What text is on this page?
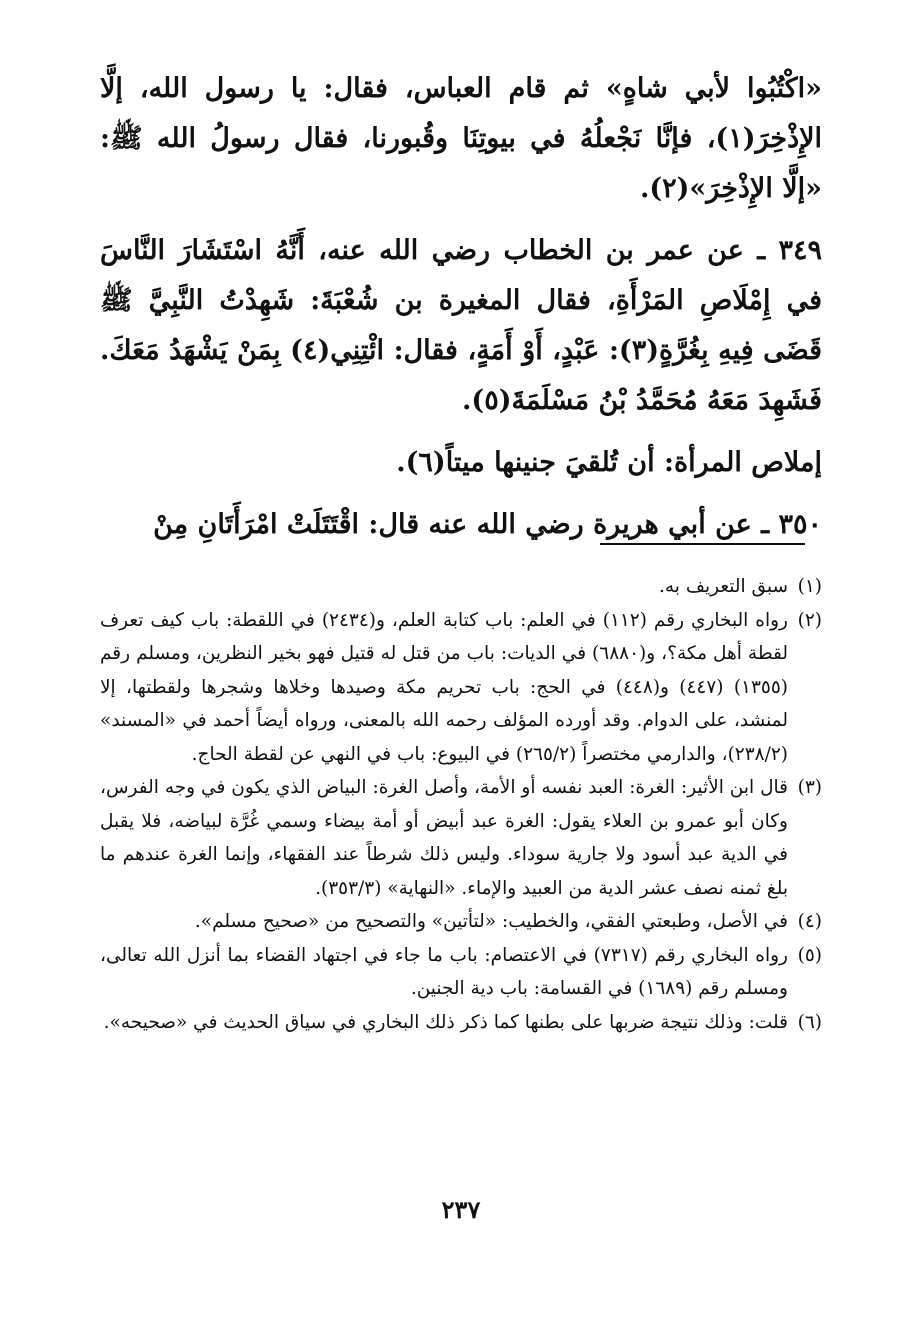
«اكْتُبُوا لأبي شاهٍ» ثم قام العباس، فقال: يا رسول الله، إلَّا الإِذْخِرَ(١)، فإنَّا نَجْعلُهُ في بيوتِنَا وقُبورنا، فقال رسولُ الله ﷺ: «إلَّا الإِذْخِرَ»(٢).

٣٤٩ ـ عن عمر بن الخطاب رضي الله عنه، أَنَّهُ اسْتَشَارَ النَّاسَ في إِمْلَاصِ المَرْأَةِ، فقال المغيرة بن شُعْبَةَ: شَهِدْتُ النَّبِيَّ ﷺ قَضَى فِيهِ بِغُرَّةٍ(٣): عَبْدٍ، أَوْ أَمَةٍ، فقال: ائْتِنِي(٤) بِمَنْ يَشْهَدُ مَعَكَ. فَشَهِدَ مَعَهُ مُحَمَّدُ بْنُ مَسْلَمَةَ(٥).

إملاص المرأة: أن تُلقيَ جنينها ميتاً(٦).

٣٥٠ ـ عن أبي هريرة رضي الله عنه قال: اقْتَتَلَتْ امْرَأَتَانِ مِنْ

(١)
سبق التعريف به.
(٢)
رواه البخاري رقم (١١٢) في العلم: باب كتابة العلم، و(٢٤٣٤) في اللقطة: باب كيف تعرف لقطة أهل مكة؟، و(٦٨٨٠) في الديات: باب من قتل له قتيل فهو بخير النظرين، ومسلم رقم (١٣٥٥) (٤٤٧) و(٤٤٨) في الحج: باب تحريم مكة وصيدها وخلاها وشجرها ولقطتها، إلا لمنشد، على الدوام. وقد أورده المؤلف رحمه الله بالمعنى، ورواه أيضاً أحمد في «المسند» (٢٣٨/٢)، والدارمي مختصراً (٢٦٥/٢) في البيوع: باب في النهي عن لقطة الحاج.
(٣)
قال ابن الأثير: الغرة: العبد نفسه أو الأمة، وأصل الغرة: البياض الذي يكون في وجه الفرس، وكان أبو عمرو بن العلاء يقول: الغرة عبد أبيض أو أمة بيضاء وسمي غُرَّة لبياضه، فلا يقبل في الدية عبد أسود ولا جارية سوداء. وليس ذلك شرطاً عند الفقهاء، وإنما الغرة عندهم ما بلغ ثمنه نصف عشر الدية من العبيد والإماء. «النهاية» (٣٥٣/٣).
(٤)
في الأصل، وطبعتي الفقي، والخطيب: «لتأتين» والتصحيح من «صحيح مسلم».
(٥)
رواه البخاري رقم (٧٣١٧) في الاعتصام: باب ما جاء في اجتهاد القضاء بما أنزل الله تعالى، ومسلم رقم (١٦٨٩) في القسامة: باب دية الجنين.
(٦)
قلت: وذلك نتيجة ضربها على بطنها كما ذكر ذلك البخاري في سياق الحديث في «صحيحه».
٢٣٧
